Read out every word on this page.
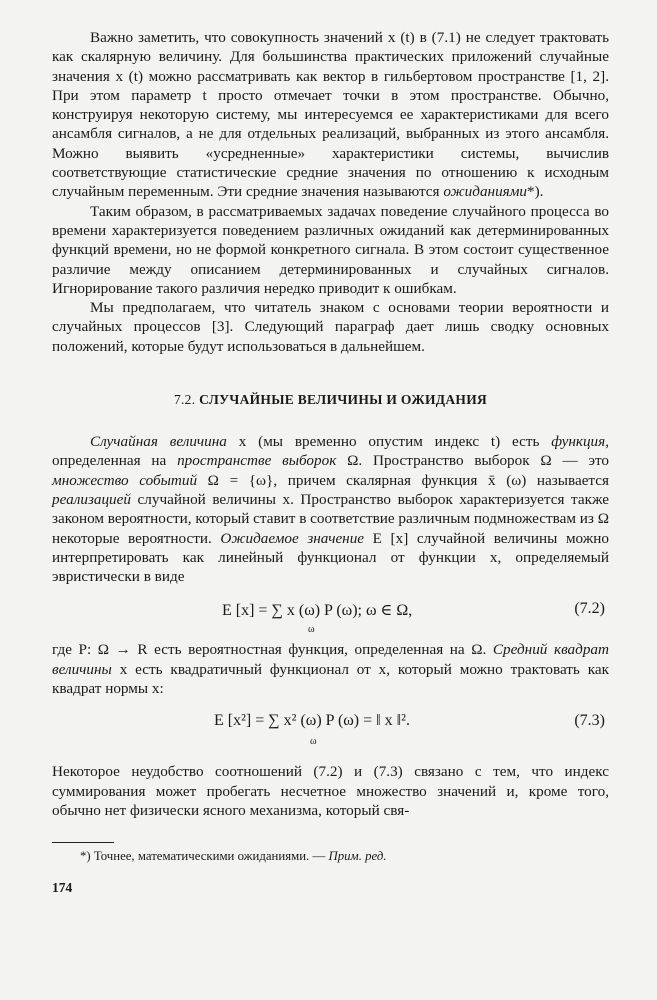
Важно заметить, что совокупность значений x (t) в (7.1) не следует трактовать как скалярную величину. Для большинства практических приложений случайные значения x (t) можно рассматривать как вектор в гильбертовом пространстве [1, 2]. При этом параметр t просто отмечает точки в этом пространстве. Обычно, конструируя некоторую систему, мы интересуемся ее характеристиками для всего ансамбля сигналов, а не для отдельных реализаций, выбранных из этого ансамбля. Можно выявить «усредненные» характеристики системы, вычислив соответствующие статистические средние значения по отношению к исходным случайным переменным. Эти средние значения называются ожиданиями*).

Таким образом, в рассматриваемых задачах поведение случайного процесса во времени характеризуется поведением различных ожиданий как детерминированных функций времени, но не формой конкретного сигнала. В этом состоит существенное различие между описанием детерминированных и случайных сигналов. Игнорирование такого различия нередко приводит к ошибкам.

Мы предполагаем, что читатель знаком с основами теории вероятности и случайных процессов [3]. Следующий параграф дает лишь сводку основных положений, которые будут использоваться в дальнейшем.

7.2. СЛУЧАЙНЫЕ ВЕЛИЧИНЫ И ОЖИДАНИЯ

Случайная величина x (мы временно опустим индекс t) есть функция, определенная на пространстве выборок Ω. Пространство выборок Ω — это множество событий Ω = {ω}, причем скалярная функция x̄ (ω) называется реализацией случайной величины x. Пространство выборок характеризуется также законом вероятности, который ставит в соответствие различным подмножествам из Ω некоторые вероятности. Ожидаемое значение E [x] случайной величины можно интерпретировать как линейный функционал от функции x, определяемый эвристически в виде

E [x] = ∑ x (ω) P (ω); ω ∈ Ω,
ω
(7.2)

где P: Ω → R есть вероятностная функция, определенная на Ω. Средний квадрат величины x есть квадратичный функционал от x, который можно трактовать как квадрат нормы x:

E [x²] = ∑ x² (ω) P (ω) = ‖ x ‖².
ω
(7.3)

Некоторое неудобство соотношений (7.2) и (7.3) связано с тем, что индекс суммирования может пробегать несчетное множество значений и, кроме того, обычно нет физически ясного механизма, который свя-

*) Точнее, математическими ожиданиями. — Прим. ред.

174
